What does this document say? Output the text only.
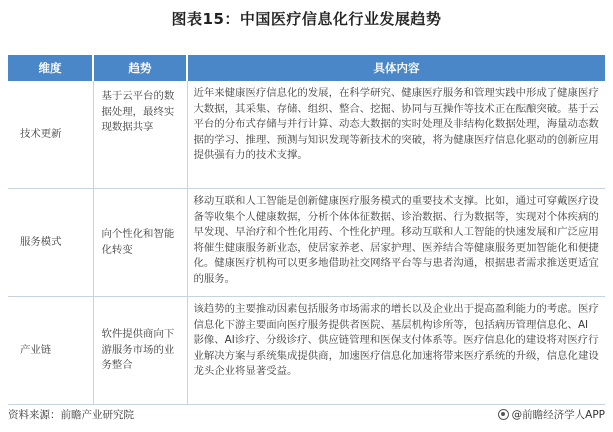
图表15：中国医疗信息化行业发展趋势
维度	趋势	具体内容
技术更新	基于云平台的数据处理，最终实现数据共享	近年来健康医疗信息化的发展，在科学研究、健康医疗服务和管理实践中形成了健康医疗大数据，其采集、存储、组织、整合、挖掘、协同与互操作等技术正在酝酿突破。基于云平台的分布式存储与并行计算、动态大数据的实时处理及非结构化数据处理，海量动态数据的学习、推理、预测与知识发现等新技术的突破，将为健康医疗信息化驱动的创新应用提供强有力的技术支撑。
服务模式	向个性化和智能化转变	移动互联和人工智能是创新健康医疗服务模式的重要技术支撑。比如，通过可穿戴医疗设备等收集个人健康数据，分析个体体征数据、诊治数据、行为数据等，实现对个体疾病的早发现、早治疗和个性化用药、个性化护理。移动互联和人工智能的快速发展和广泛应用将催生健康服务新业态，使居家养老、居家护理、医养结合等健康服务更加智能化和便捷化。健康医疗机构可以更多地借助社交网络平台等与患者沟通，根据患者需求推送更适宜的服务。
产业链	软件提供商向下游服务市场的业务整合	该趋势的主要推动因素包括服务市场需求的增长以及企业出于提高盈利能力的考虑。医疗信息化下游主要面向医疗服务提供者医院、基层机构诊所等，包括病历管理信息化、AI 影像、AI诊疗、分级诊疗、供应链管理和医保支付体系等。医疗信息化的建设将对医疗行业解决方案与系统集成提供商，加速医疗信息化加速将带来医疗系统的升级，信息化建设龙头企业将显著受益。
资料来源：前瞻产业研究院	@前瞻经济学人APP
